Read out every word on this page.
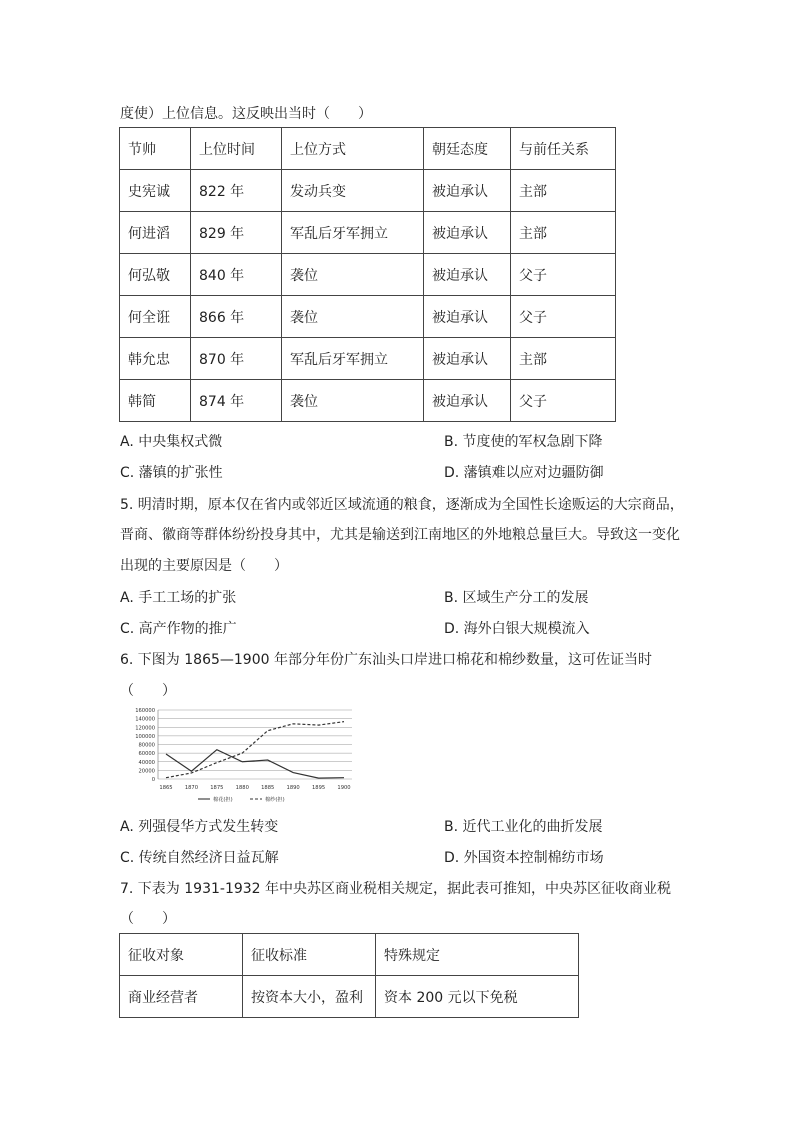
度使）上位信息。这反映出当时（　　）
节帅	上位时间	上位方式	朝廷态度	与前任关系
史宪诚	822 年	发动兵变	被迫承认	主部
何进滔	829 年	军乱后牙军拥立	被迫承认	主部
何弘敬	840 年	袭位	被迫承认	父子
何全诳	866 年	袭位	被迫承认	父子
韩允忠	870 年	军乱后牙军拥立	被迫承认	主部
韩简	874 年	袭位	被迫承认	父子
A. 中央集权式微	B. 节度使的军权急剧下降
C. 藩镇的扩张性	D. 藩镇难以应对边疆防御
5. 明清时期，原本仅在省内或邻近区域流通的粮食，逐渐成为全国性长途贩运的大宗商品，
晋商、徽商等群体纷纷投身其中，尤其是输送到江南地区的外地粮总量巨大。导致这一变化
出现的主要原因是（　　）
A. 手工工场的扩张	B. 区域生产分工的发展
C. 高产作物的推广	D. 海外白银大规模流入
6. 下图为 1865—1900 年部分年份广东汕头口岸进口棉花和棉纱数量，这可佐证当时
（　　）
0
20000
40000
60000
80000
100000
120000
140000
160000
1865 1870 1875 1880 1885 1890 1895 1900
棉花(担)	棉纱(担)
A. 列强侵华方式发生转变	B. 近代工业化的曲折发展
C. 传统自然经济日益瓦解	D. 外国资本控制棉纺市场
7. 下表为 1931-1932 年中央苏区商业税相关规定，据此表可推知，中央苏区征收商业税
（　　）
征收对象	征收标准	特殊规定
商业经营者	按资本大小，盈利	资本 200 元以下免税
